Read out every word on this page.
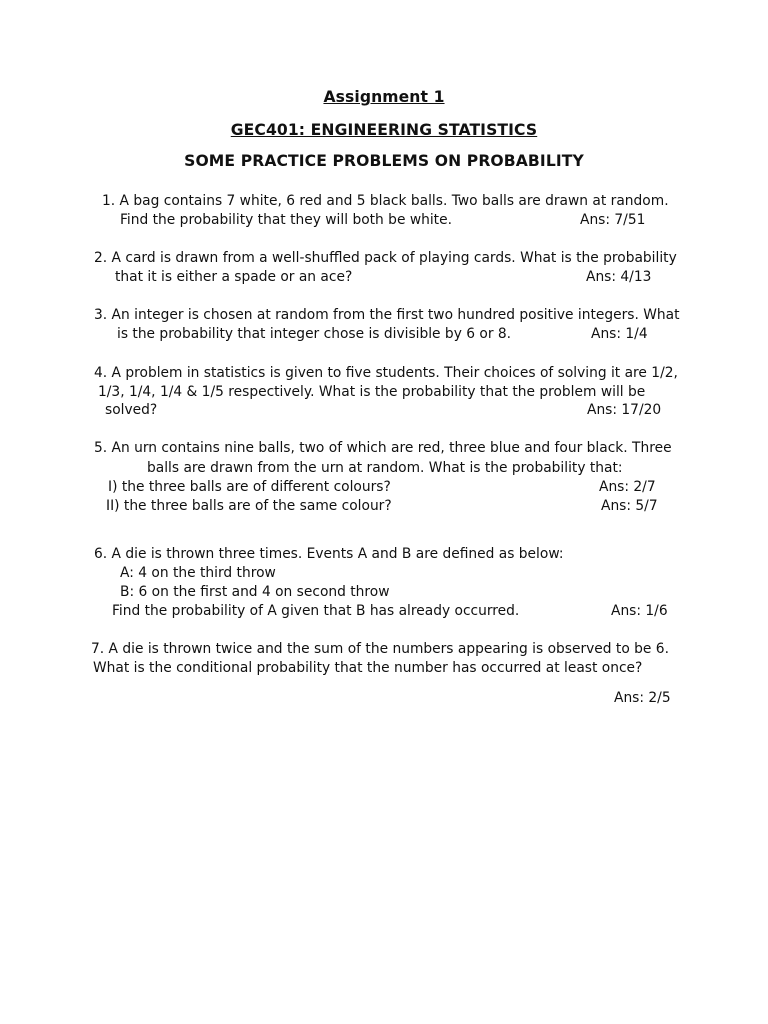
Assignment 1
GEC401: ENGINEERING STATISTICS
SOME PRACTICE PROBLEMS ON PROBABILITY
1. A bag contains 7 white, 6 red and 5 black balls. Two balls are drawn at random.
Find the probability that they will both be white.	Ans: 7/51
2. A card is drawn from a well-shuffled pack of playing cards. What is the probability
that it is either a spade or an ace?	Ans: 4/13
3. An integer is chosen at random from the first two hundred positive integers. What
is the probability that integer chose is divisible by 6 or 8.	Ans: 1/4
4. A problem in statistics is given to five students. Their choices of solving it are 1/2,
1/3, 1/4, 1/4 & 1/5 respectively. What is the probability that the problem will be
solved?	Ans: 17/20
5. An urn contains nine balls, two of which are red, three blue and four black. Three
balls are drawn from the urn at random. What is the probability that:
I) the three balls are of different colours?	Ans: 2/7
II) the three balls are of the same colour?	Ans: 5/7
6. A die is thrown three times. Events A and B are defined as below:
A: 4 on the third throw
B: 6 on the first and 4 on second throw
Find the probability of A given that B has already occurred.	Ans: 1/6
7. A die is thrown twice and the sum of the numbers appearing is observed to be 6.
What is the conditional probability that the number has occurred at least once?
Ans: 2/5
